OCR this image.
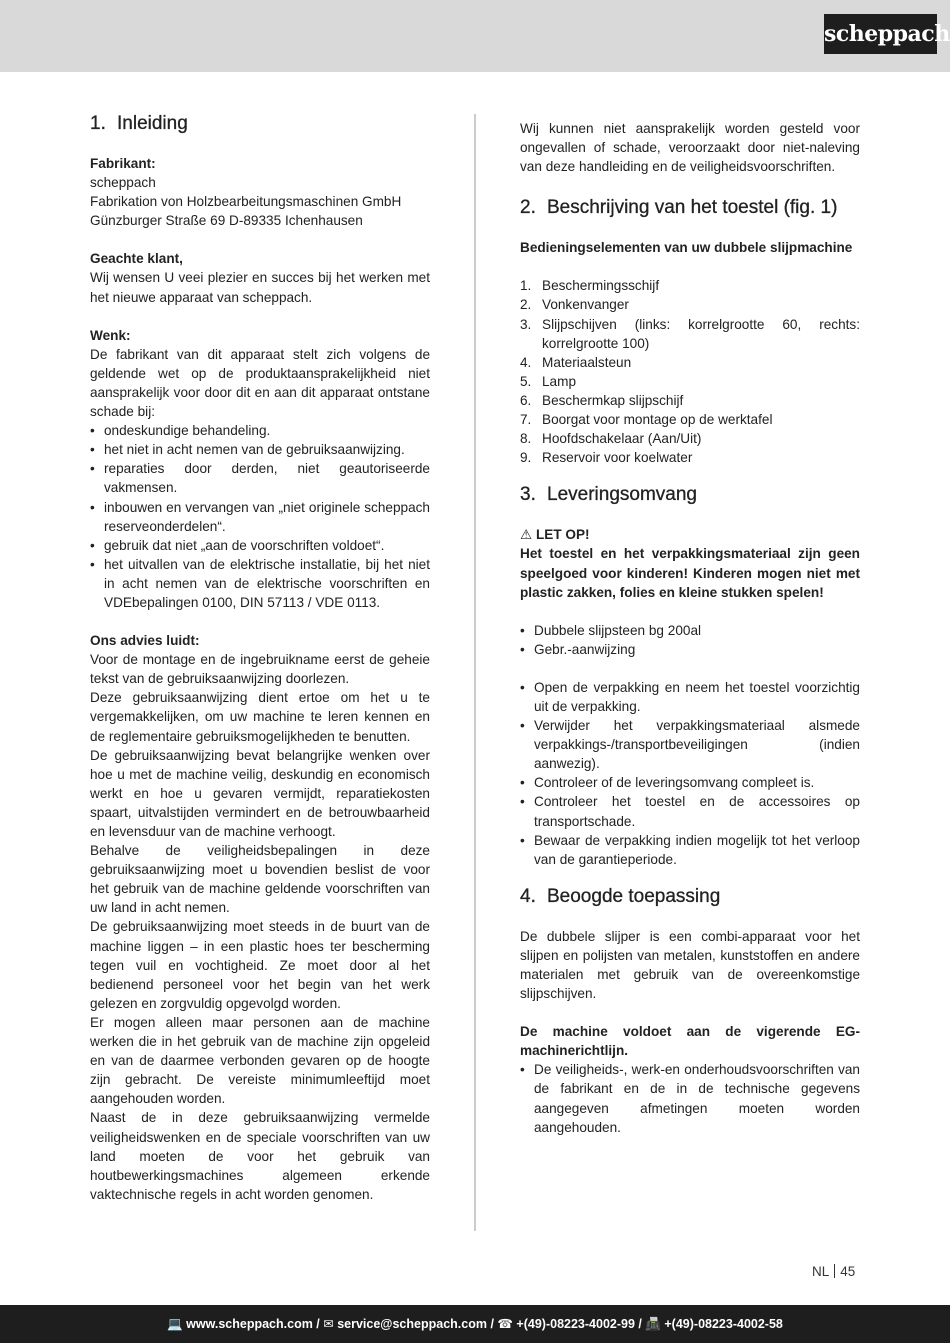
scheppach
1. Inleiding

Fabrikant:

scheppach
Fabrikation von Holzbearbeitungsmaschinen GmbH
Günzburger Straße 69 D-89335 Ichenhausen

Geachte klant,

Wij wensen U veei plezier en succes bij het werken met het nieuwe apparaat van scheppach.

Wenk:

De fabrikant van dit apparaat stelt zich volgens de geldende wet op de produktaansprakelijkheid niet aansprakelijk voor door dit en aan dit apparaat ontstane schade bij:

• ondeskundige behandeling.
• het niet in acht nemen van de gebruiksaanwijzing.
• reparaties door derden, niet geautoriseerde vakmensen.
• inbouwen en vervangen van „niet originele scheppach reserveonderdelen“.
• gebruik dat niet „aan de voorschriften voldoet“.
• het uitvallen van de elektrische installatie, bij het niet in acht nemen van de elektrische voorschriften en VDEbepalingen 0100, DIN 57113 / VDE 0113.

Ons advies luidt:

Voor de montage en de ingebruikname eerst de geheie tekst van de gebruiksaanwijzing doorlezen.

Deze gebruiksaanwijzing dient ertoe om het u te vergemakkelijken, om uw machine te leren kennen en de reglementaire gebruiksmogelijkheden te benutten.

De gebruiksaanwijzing bevat belangrijke wenken over hoe u met de machine veilig, deskundig en economisch werkt en hoe u gevaren vermijdt, reparatiekosten spaart, uitvalstijden vermindert en de betrouwbaarheid en levensduur van de machine verhoogt.

Behalve de veiligheidsbepalingen in deze gebruiksaanwijzing moet u bovendien beslist de voor het gebruik van de machine geldende voorschriften van uw land in acht nemen.

De gebruiksaanwijzing moet steeds in de buurt van de machine liggen – in een plastic hoes ter bescherming tegen vuil en vochtigheid. Ze moet door al het bedienend personeel voor het begin van het werk gelezen en zorgvuldig opgevolgd worden.

Er mogen alleen maar personen aan de machine werken die in het gebruik van de machine zijn opgeleid en van de daarmee verbonden gevaren op de hoogte zijn gebracht. De vereiste minimumleeftijd moet aangehouden worden.

Naast de in deze gebruiksaanwijzing vermelde veiligheidswenken en de speciale voorschriften van uw land moeten de voor het gebruik van houtbewerkingsmachines algemeen erkende vaktechnische regels in acht worden genomen.

Wij kunnen niet aansprakelijk worden gesteld voor ongevallen of schade, veroorzaakt door niet-naleving van deze handleiding en de veiligheidsvoorschriften.

2. Beschrijving van het toestel (fig. 1)

Bedieningselementen van uw dubbele slijpmachine

1. Beschermingsschijf
2. Vonkenvanger
3. Slijpschijven (links: korrelgrootte 60, rechts: korrelgrootte 100)
4. Materiaalsteun
5. Lamp
6. Beschermkap slijpschijf
7. Boorgat voor montage op de werktafel
8. Hoofdschakelaar (Aan/Uit)
9. Reservoir voor koelwater
3. Leveringsomvang

⚠ LET OP!

Het toestel en het verpakkingsmateriaal zijn geen speelgoed voor kinderen! Kinderen mogen niet met plastic zakken, folies en kleine stukken spelen!

• Dubbele slijpsteen bg 200al
• Gebr.-aanwijzing
• Open de verpakking en neem het toestel voorzichtig uit de verpakking.
• Verwijder het verpakkingsmateriaal alsmede verpakkings-/transportbeveiligingen (indien aanwezig).
• Controleer of de leveringsomvang compleet is.
• Controleer het toestel en de accessoires op transportschade.
• Bewaar de verpakking indien mogelijk tot het verloop van de garantieperiode.
4. Beoogde toepassing

De dubbele slijper is een combi-apparaat voor het slijpen en polijsten van metalen, kunststoffen en andere materialen met gebruik van de overeenkomstige slijpschijven.

De machine voldoet aan de vigerende EG-machinerichtlijn.

• De veiligheids-, werk-en onderhoudsvoorschriften van de fabrikant en de in de technische gegevens aangegeven afmetingen moeten worden aangehouden.
NL 45
💻 www.scheppach.com / ✉ service@scheppach.com / ☎ +(49)-08223-4002-99 / 📠 +(49)-08223-4002-58
